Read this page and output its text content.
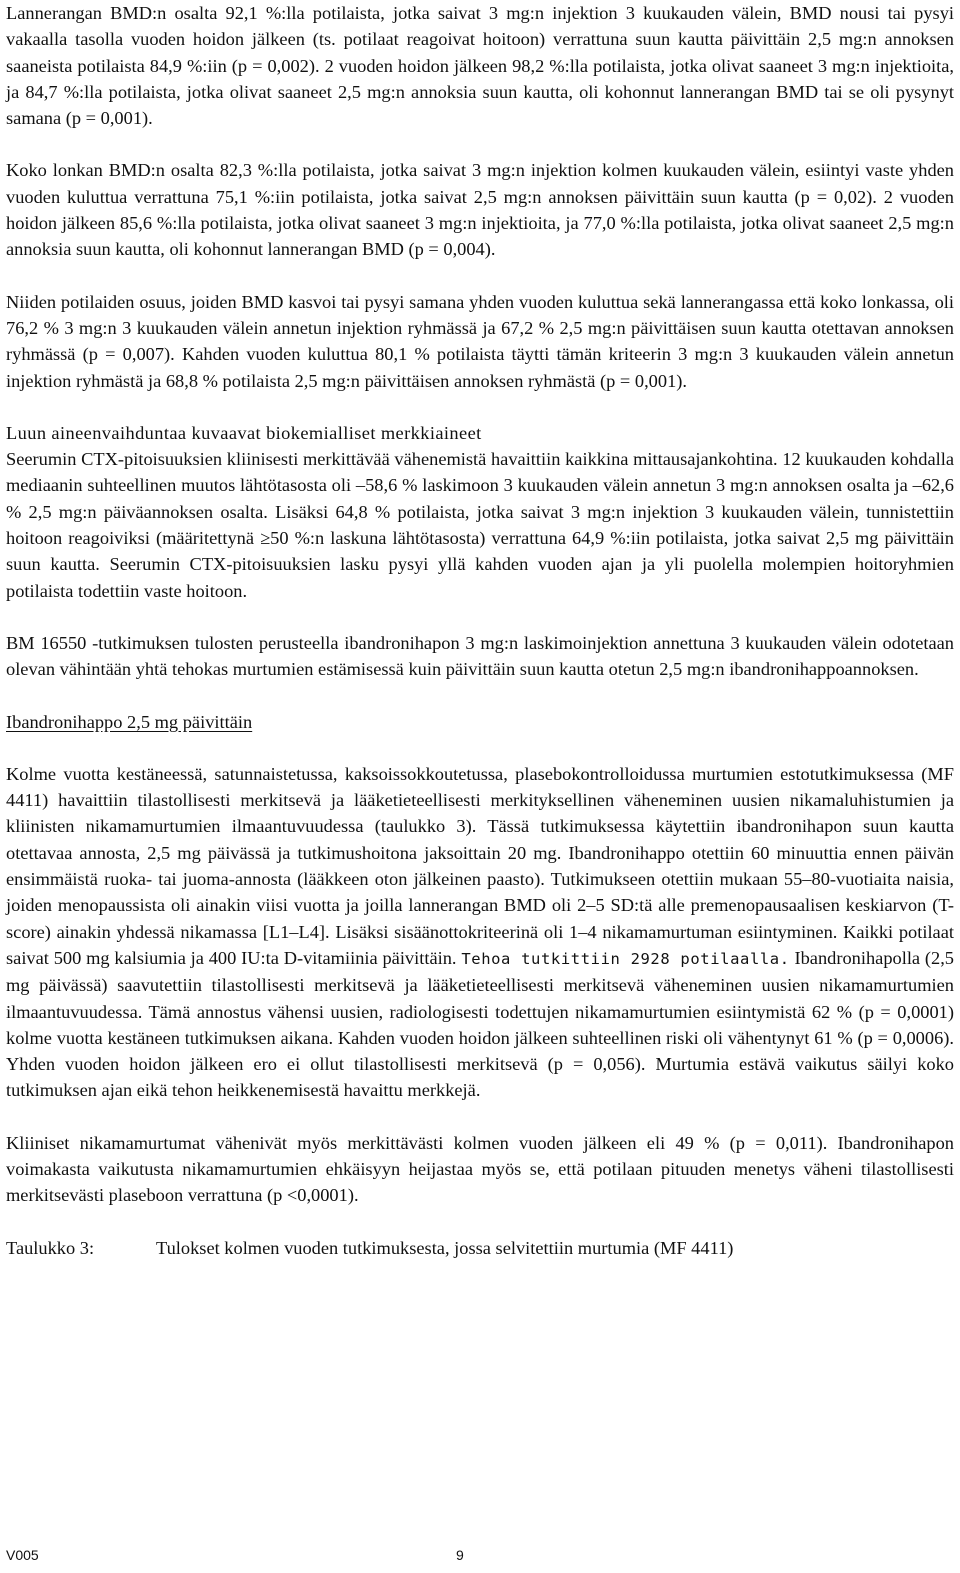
Lannerangan BMD:n osalta 92,1 %:lla potilaista, jotka saivat 3 mg:n injektion 3 kuukauden välein, BMD nousi tai pysyi vakaalla tasolla vuoden hoidon jälkeen (ts. potilaat reagoivat hoitoon) verrattuna suun kautta päivittäin 2,5 mg:n annoksen saaneista potilaista 84,9 %:iin (p = 0,002). 2 vuoden hoidon jälkeen 98,2 %:lla potilaista, jotka olivat saaneet 3 mg:n injektioita, ja 84,7 %:lla potilaista, jotka olivat saaneet 2,5 mg:n annoksia suun kautta, oli kohonnut lannerangan BMD tai se oli pysynyt samana (p = 0,001).

Koko lonkan BMD:n osalta 82,3 %:lla potilaista, jotka saivat 3 mg:n injektion kolmen kuukauden välein, esiintyi vaste yhden vuoden kuluttua verrattuna 75,1 %:iin potilaista, jotka saivat 2,5 mg:n annoksen päivittäin suun kautta (p = 0,02). 2 vuoden hoidon jälkeen 85,6 %:lla potilaista, jotka olivat saaneet 3 mg:n injektioita, ja 77,0 %:lla potilaista, jotka olivat saaneet 2,5 mg:n annoksia suun kautta, oli kohonnut lannerangan BMD (p = 0,004).

Niiden potilaiden osuus, joiden BMD kasvoi tai pysyi samana yhden vuoden kuluttua sekä lannerangassa että koko lonkassa, oli 76,2 % 3 mg:n 3 kuukauden välein annetun injektion ryhmässä ja 67,2 % 2,5 mg:n päivittäisen suun kautta otettavan annoksen ryhmässä (p = 0,007). Kahden vuoden kuluttua 80,1 % potilaista täytti tämän kriteerin 3 mg:n 3 kuukauden välein annetun injektion ryhmästä ja 68,8 % potilaista 2,5 mg:n päivittäisen annoksen ryhmästä (p = 0,001).

Luun aineenvaihduntaa kuvaavat biokemialliset merkkiaineet

Seerumin CTX-pitoisuuksien kliinisesti merkittävää vähenemistä havaittiin kaikkina mittausajankohtina. 12 kuukauden kohdalla mediaanin suhteellinen muutos lähtötasosta oli –58,6 % laskimoon 3 kuukauden välein annetun 3 mg:n annoksen osalta ja –62,6 % 2,5 mg:n päiväannoksen osalta. Lisäksi 64,8 % potilaista, jotka saivat 3 mg:n injektion 3 kuukauden välein, tunnistettiin hoitoon reagoiviksi (määritettynä ≥50 %:n laskuna lähtötasosta) verrattuna 64,9 %:iin potilaista, jotka saivat 2,5 mg päivittäin suun kautta. Seerumin CTX-pitoisuuksien lasku pysyi yllä kahden vuoden ajan ja yli puolella molempien hoitoryhmien potilaista todettiin vaste hoitoon.

BM 16550 -tutkimuksen tulosten perusteella ibandronihapon 3 mg:n laskimoinjektion annettuna 3 kuukauden välein odotetaan olevan vähintään yhtä tehokas murtumien estämisessä kuin päivittäin suun kautta otetun 2,5 mg:n ibandronihappoannoksen.

Ibandronihappo 2,5 mg päivittäin

Kolme vuotta kestäneessä, satunnaistetussa, kaksoissokkoutetussa, plasebokontrolloidussa murtumien estotutkimuksessa (MF 4411) havaittiin tilastollisesti merkitsevä ja lääketieteellisesti merkityksellinen väheneminen uusien nikamaluhistumien ja kliinisten nikamamurtumien ilmaantuvuudessa (taulukko 3). Tässä tutkimuksessa käytettiin ibandronihapon suun kautta otettavaa annosta, 2,5 mg päivässä ja tutkimushoitona jaksoittain 20 mg. Ibandronihappo otettiin 60 minuuttia ennen päivän ensimmäistä ruoka- tai juoma-annosta (lääkkeen oton jälkeinen paasto). Tutkimukseen otettiin mukaan 55–80-vuotiaita naisia, joiden menopaussista oli ainakin viisi vuotta ja joilla lannerangan BMD oli 2–5 SD:tä alle premenopausaalisen keskiarvon (T-score) ainakin yhdessä nikamassa [L1–L4]. Lisäksi sisäänottokriteerinä oli 1–4 nikamamurtuman esiintyminen. Kaikki potilaat saivat 500 mg kalsiumia ja 400 IU:ta D-vitamiinia päivittäin. Tehoa tutkittiin 2928 potilaalla. Ibandronihapolla (2,5 mg päivässä) saavutettiin tilastollisesti merkitsevä ja lääketieteellisesti merkitsevä väheneminen uusien nikamamurtumien ilmaantuvuudessa. Tämä annostus vähensi uusien, radiologisesti todettujen nikamamurtumien esiintymistä 62 % (p = 0,0001) kolme vuotta kestäneen tutkimuksen aikana. Kahden vuoden hoidon jälkeen suhteellinen riski oli vähentynyt 61 % (p = 0,0006). Yhden vuoden hoidon jälkeen ero ei ollut tilastollisesti merkitsevä (p = 0,056). Murtumia estävä vaikutus säilyi koko tutkimuksen ajan eikä tehon heikkenemisestä havaittu merkkejä.

Kliiniset nikamamurtumat vähenivät myös merkittävästi kolmen vuoden jälkeen eli 49 % (p = 0,011). Ibandronihapon voimakasta vaikutusta nikamamurtumien ehkäisyyn heijastaa myös se, että potilaan pituuden menetys väheni tilastollisesti merkitsevästi plaseboon verrattuna (p <0,0001).

Taulukko 3:	Tulokset kolmen vuoden tutkimuksesta, jossa selvitettiin murtumia (MF 4411)
V005	9
